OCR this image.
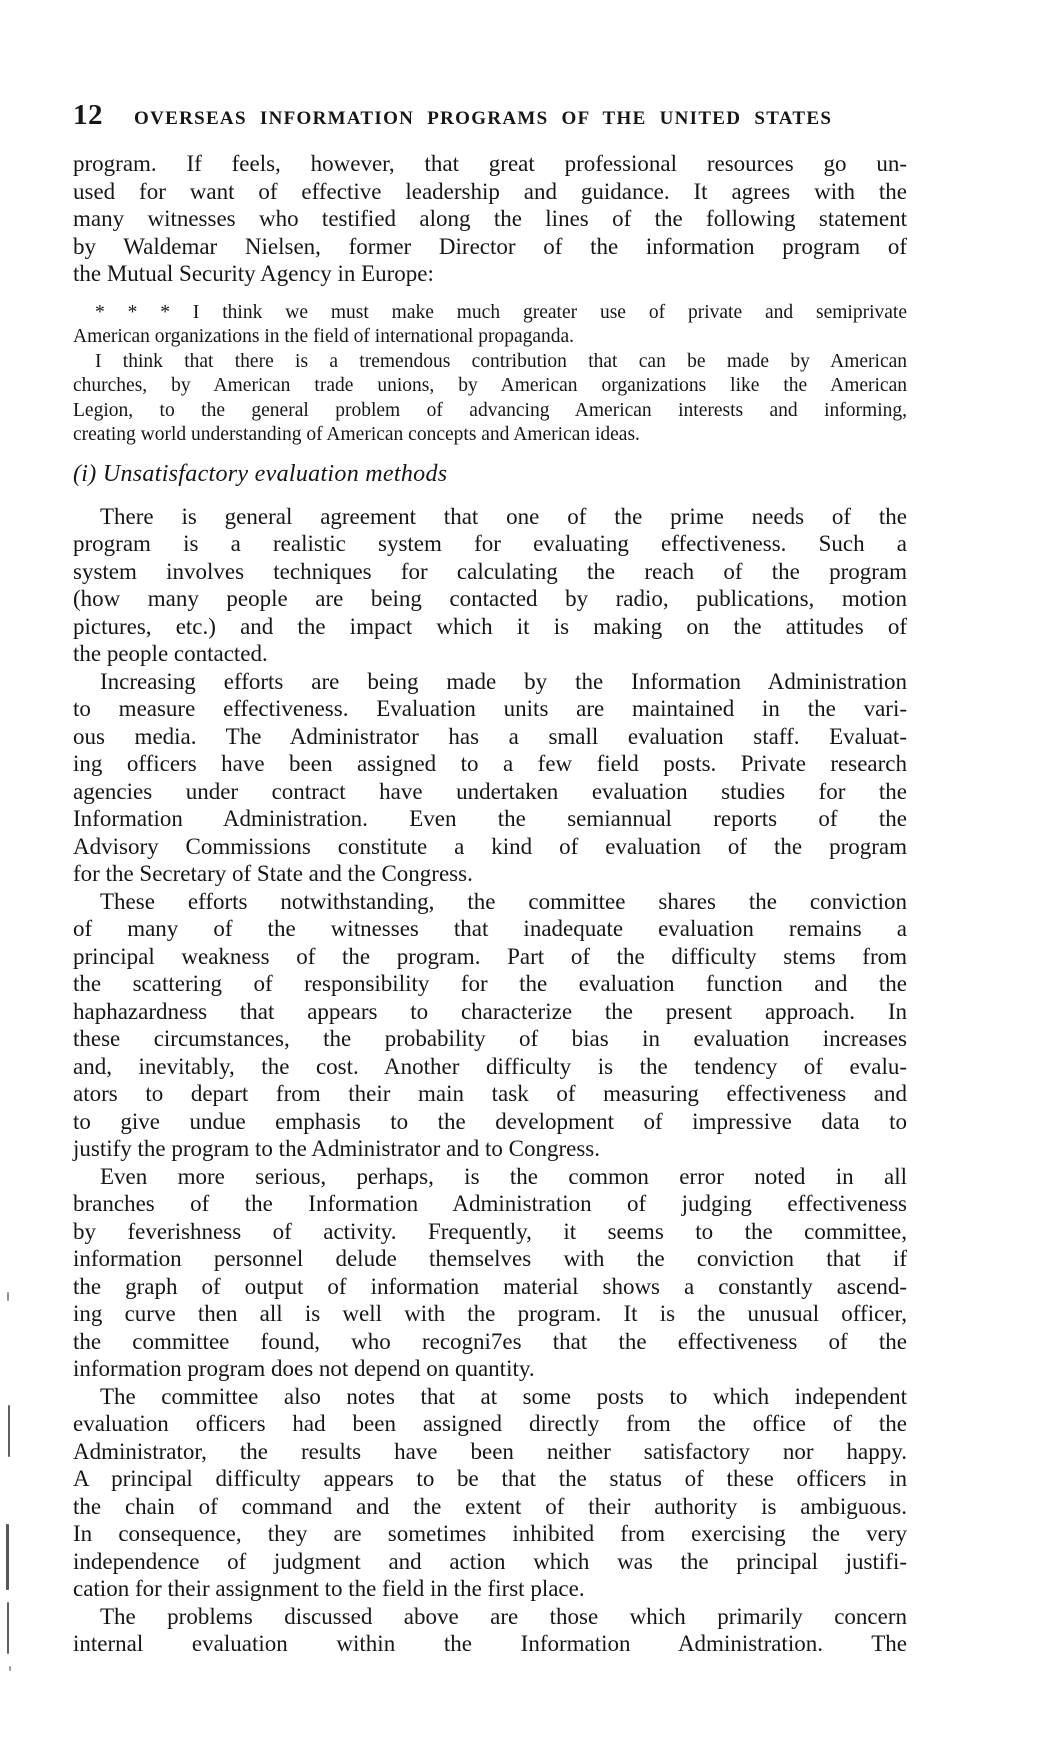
12 OVERSEAS INFORMATION PROGRAMS OF THE UNITED STATES
program. If feels, however, that great professional resources go un-
used for want of effective leadership and guidance. It agrees with the
many witnesses who testified along the lines of the following statement
by Waldemar Nielsen, former Director of the information program of
the Mutual Security Agency in Europe:
* * * I think we must make much greater use of private and semiprivate
American organizations in the field of international propaganda.
I think that there is a tremendous contribution that can be made by American
churches, by American trade unions, by American organizations like the American
Legion, to the general problem of advancing American interests and informing,
creating world understanding of American concepts and American ideas.
(i) Unsatisfactory evaluation methods
There is general agreement that one of the prime needs of the
program is a realistic system for evaluating effectiveness. Such a
system involves techniques for calculating the reach of the program
(how many people are being contacted by radio, publications, motion
pictures, etc.) and the impact which it is making on the attitudes of
the people contacted.
Increasing efforts are being made by the Information Administration
to measure effectiveness. Evaluation units are maintained in the vari-
ous media. The Administrator has a small evaluation staff. Evaluat-
ing officers have been assigned to a few field posts. Private research
agencies under contract have undertaken evaluation studies for the
Information Administration. Even the semiannual reports of the
Advisory Commissions constitute a kind of evaluation of the program
for the Secretary of State and the Congress.
These efforts notwithstanding, the committee shares the conviction
of many of the witnesses that inadequate evaluation remains a
principal weakness of the program. Part of the difficulty stems from
the scattering of responsibility for the evaluation function and the
haphazardness that appears to characterize the present approach. In
these circumstances, the probability of bias in evaluation increases
and, inevitably, the cost. Another difficulty is the tendency of evalu-
ators to depart from their main task of measuring effectiveness and
to give undue emphasis to the development of impressive data to
justify the program to the Administrator and to Congress.
Even more serious, perhaps, is the common error noted in all
branches of the Information Administration of judging effectiveness
by feverishness of activity. Frequently, it seems to the committee,
information personnel delude themselves with the conviction that if
the graph of output of information material shows a constantly ascend-
ing curve then all is well with the program. It is the unusual officer,
the committee found, who recogni7es that the effectiveness of the
information program does not depend on quantity.
The committee also notes that at some posts to which independent
evaluation officers had been assigned directly from the office of the
Administrator, the results have been neither satisfactory nor happy.
A principal difficulty appears to be that the status of these officers in
the chain of command and the extent of their authority is ambiguous.
In consequence, they are sometimes inhibited from exercising the very
independence of judgment and action which was the principal justifi-
cation for their assignment to the field in the first place.
The problems discussed above are those which primarily concern
internal evaluation within the Information Administration. The
